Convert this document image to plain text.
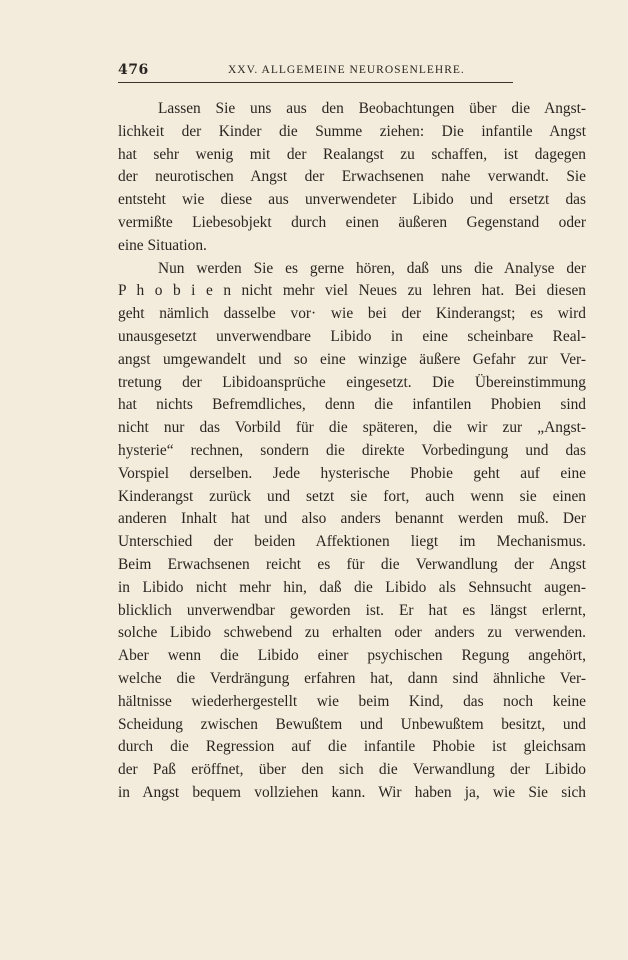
476	XXV. ALLGEMEINE NEUROSENLEHRE.
Lassen Sie uns aus den Beobachtungen über die Angst-
lichkeit der Kinder die Summe ziehen: Die infantile Angst
hat sehr wenig mit der Realangst zu schaffen, ist dagegen
der neurotischen Angst der Erwachsenen nahe verwandt. Sie
entsteht wie diese aus unverwendeter Libido und ersetzt das
vermißte Liebesobjekt durch einen äußeren Gegenstand oder
eine Situation.
Nun werden Sie es gerne hören, daß uns die Analyse der
P h o b i e n nicht mehr viel Neues zu lehren hat. Bei diesen
geht nämlich dasselbe vor· wie bei der Kinderangst; es wird
unausgesetzt unverwendbare Libido in eine scheinbare Real-
angst umgewandelt und so eine winzige äußere Gefahr zur Ver-
tretung der Libidoansprüche eingesetzt. Die Übereinstimmung
hat nichts Befremdliches, denn die infantilen Phobien sind
nicht nur das Vorbild für die späteren, die wir zur „Angst-
hysterie“ rechnen, sondern die direkte Vorbedingung und das
Vorspiel derselben. Jede hysterische Phobie geht auf eine
Kinderangst zurück und setzt sie fort, auch wenn sie einen
anderen Inhalt hat und also anders benannt werden muß. Der
Unterschied der beiden Affektionen liegt im Mechanismus.
Beim Erwachsenen reicht es für die Verwandlung der Angst
in Libido nicht mehr hin, daß die Libido als Sehnsucht augen-
blicklich unverwendbar geworden ist. Er hat es längst erlernt,
solche Libido schwebend zu erhalten oder anders zu verwenden.
Aber wenn die Libido einer psychischen Regung angehört,
welche die Verdrängung erfahren hat, dann sind ähnliche Ver-
hältnisse wiederhergestellt wie beim Kind, das noch keine
Scheidung zwischen Bewußtem und Unbewußtem besitzt, und
durch die Regression auf die infantile Phobie ist gleichsam
der Paß eröffnet, über den sich die Verwandlung der Libido
in Angst bequem vollziehen kann. Wir haben ja, wie Sie sich
